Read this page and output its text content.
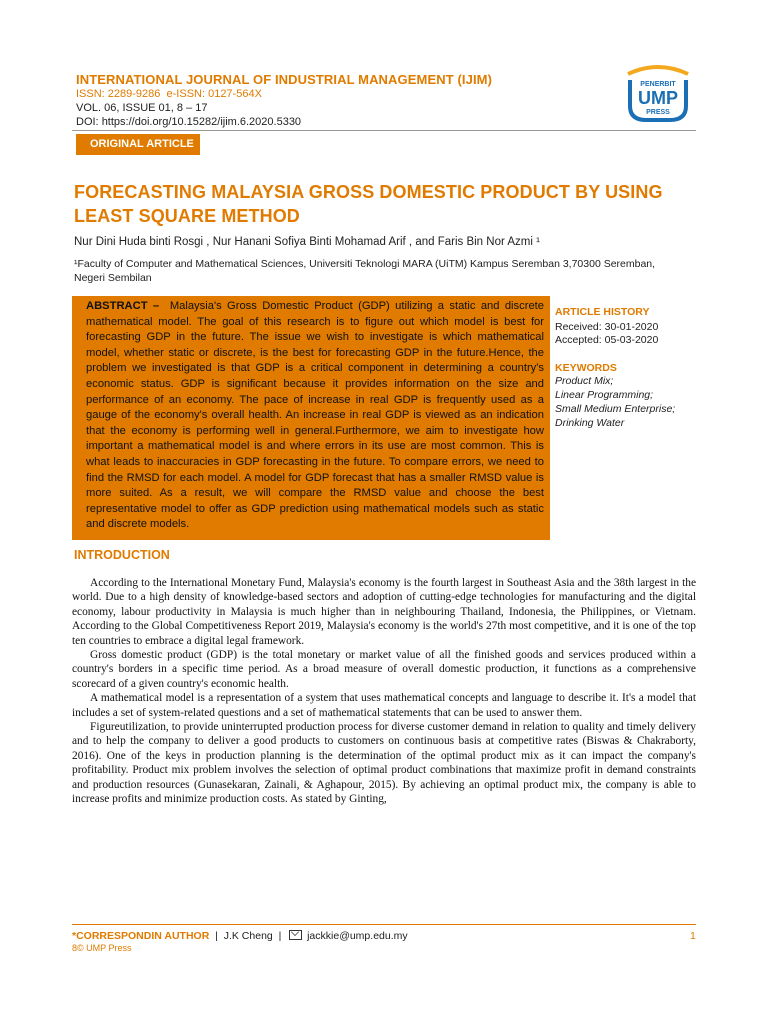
INTERNATIONAL JOURNAL OF INDUSTRIAL MANAGEMENT (IJIM)
ISSN: 2289-9286 e-ISSN: 0127-564X
VOL. 06, ISSUE 01, 8 – 17
DOI: https://doi.org/10.15282/ijim.6.2020.5330
ORIGINAL ARTICLE
PENERBIT
UMP
PRESS
FORECASTING MALAYSIA GROSS DOMESTIC PRODUCT BY USING LEAST SQUARE METHOD
Nur Dini Huda binti Rosgi , Nur Hanani Sofiya Binti Mohamad Arif , and Faris Bin Nor Azmi ¹
¹Faculty of Computer and Mathematical Sciences, Universiti Teknologi MARA (UiTM) Kampus Seremban 3,70300 Seremban, Negeri Sembilan

ABSTRACT – Malaysia's Gross Domestic Product (GDP) utilizing a static and discrete mathematical model. The goal of this research is to figure out which model is best for forecasting GDP in the future. The issue we wish to investigate is which mathematical model, whether static or discrete, is the best for forecasting GDP in the future.Hence, the problem we investigated is that GDP is a critical component in determining a country's economic status. GDP is significant because it provides information on the size and performance of an economy. The pace of increase in real GDP is frequently used as a gauge of the economy's overall health. An increase in real GDP is viewed as an indication that the economy is performing well in general.Furthermore, we aim to investigate how important a mathematical model is and where errors in its use are most common. This is what leads to inaccuracies in GDP forecasting in the future. To compare errors, we need to find the RMSD for each model. A model for GDP forecast that has a smaller RMSD value is more suited. As a result, we will compare the RMSD value and choose the best representative model to offer as GDP prediction using mathematical models such as static and discrete models.

ARTICLE HISTORY
Received: 30-01-2020
Accepted: 05-03-2020
KEYWORDS
Product Mix;
Linear Programming;
Small Medium Enterprise;
Drinking Water
INTRODUCTION

According to the International Monetary Fund, Malaysia's economy is the fourth largest in Southeast Asia and the 38th largest in the world. Due to a high density of knowledge-based sectors and adoption of cutting-edge technologies for manufacturing and the digital economy, labour productivity in Malaysia is much higher than in neighbouring Thailand, Indonesia, the Philippines, or Vietnam. According to the Global Competitiveness Report 2019, Malaysia's economy is the world's 27th most competitive, and it is one of the top ten countries to embrace a digital legal framework.

Gross domestic product (GDP) is the total monetary or market value of all the finished goods and services produced within a country's borders in a specific time period. As a broad measure of overall domestic production, it functions as a comprehensive scorecard of a given country's economic health.

A mathematical model is a representation of a system that uses mathematical concepts and language to describe it. It's a model that includes a set of system-related questions and a set of mathematical statements that can be used to answer them.

Figureutilization, to provide uninterrupted production process for diverse customer demand in relation to quality and timely delivery and to help the company to deliver a good products to customers on continuous basis at competitive rates (Biswas & Chakraborty, 2016). One of the keys in production planning is the determination of the optimal product mix as it can impact the company's profitability. Product mix problem involves the selection of optimal product combinations that maximize profit in demand constraints and production resources (Gunasekaran, Zainali, & Aghapour, 2015). By achieving an optimal product mix, the company is able to increase profits and minimize production costs. As stated by Ginting,

*CORRESPONDIN AUTHOR | J.K Cheng | jackkie@ump.edu.my	1
8© UMP Press
